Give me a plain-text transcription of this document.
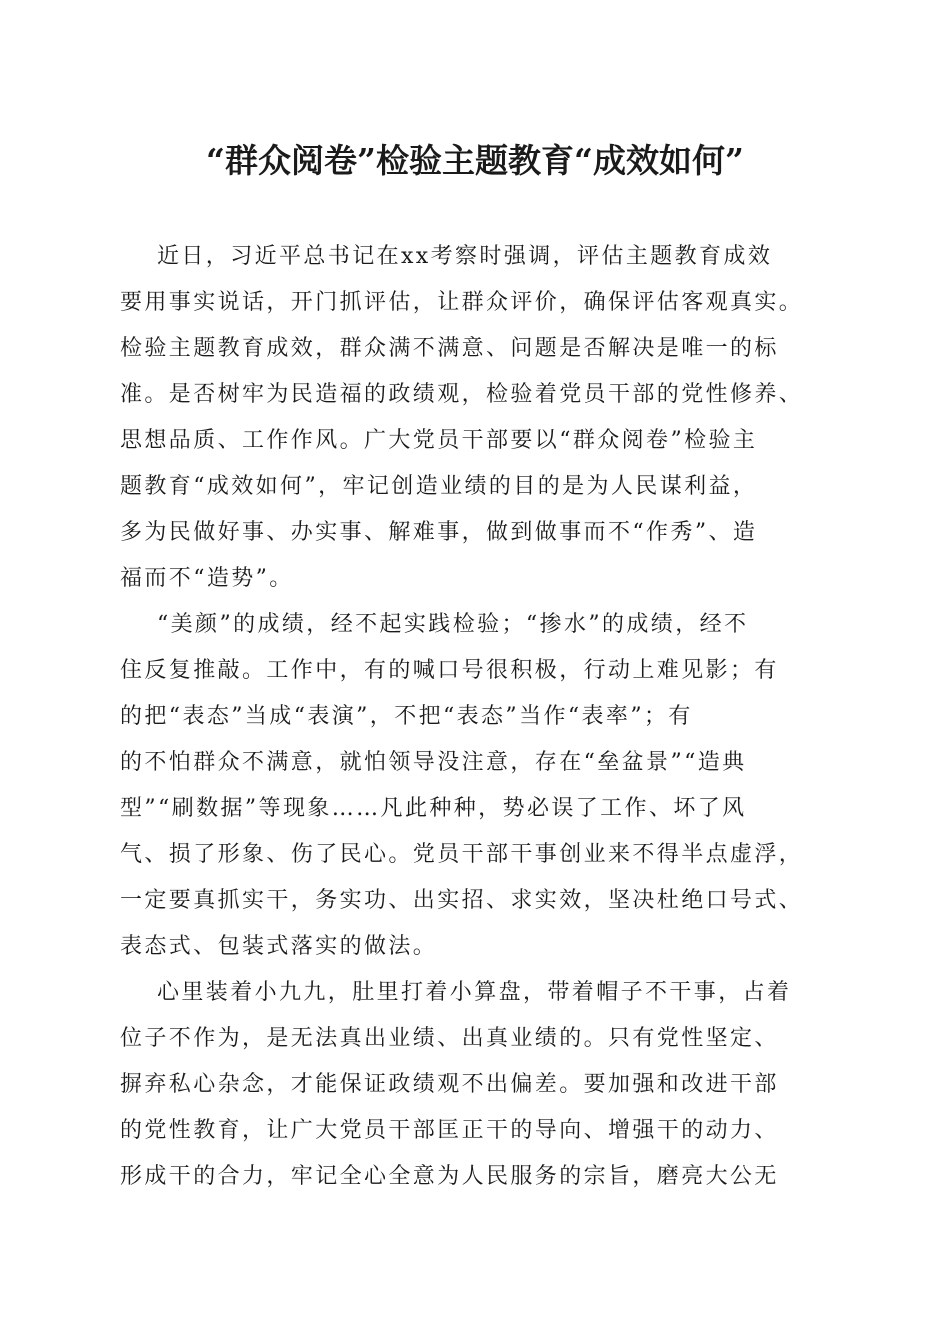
“群众阅卷”检验主题教育“成效如何”
近日，习近平总书记在xx考察时强调，评估主题教育成效
要用事实说话，开门抓评估，让群众评价，确保评估客观真实。
检验主题教育成效，群众满不满意、问题是否解决是唯一的标
准。是否树牢为民造福的政绩观，检验着党员干部的党性修养、
思想品质、工作作风。广大党员干部要以“群众阅卷”检验主
题教育“成效如何”，牢记创造业绩的目的是为人民谋利益，
多为民做好事、办实事、解难事，做到做事而不“作秀”、造
福而不“造势”。
“美颜”的成绩，经不起实践检验；“掺水”的成绩，经不
住反复推敲。工作中，有的喊口号很积极，行动上难见影；有
的把“表态”当成“表演”，不把“表态”当作“表率”；有
的不怕群众不满意，就怕领导没注意，存在“垒盆景”“造典
型”“刷数据”等现象……凡此种种，势必误了工作、坏了风
气、损了形象、伤了民心。党员干部干事创业来不得半点虚浮，
一定要真抓实干，务实功、出实招、求实效，坚决杜绝口号式、
表态式、包装式落实的做法。
心里装着小九九，肚里打着小算盘，带着帽子不干事，占着
位子不作为，是无法真出业绩、出真业绩的。只有党性坚定、
摒弃私心杂念，才能保证政绩观不出偏差。要加强和改进干部
的党性教育，让广大党员干部匡正干的导向、增强干的动力、
形成干的合力，牢记全心全意为人民服务的宗旨，磨亮大公无
